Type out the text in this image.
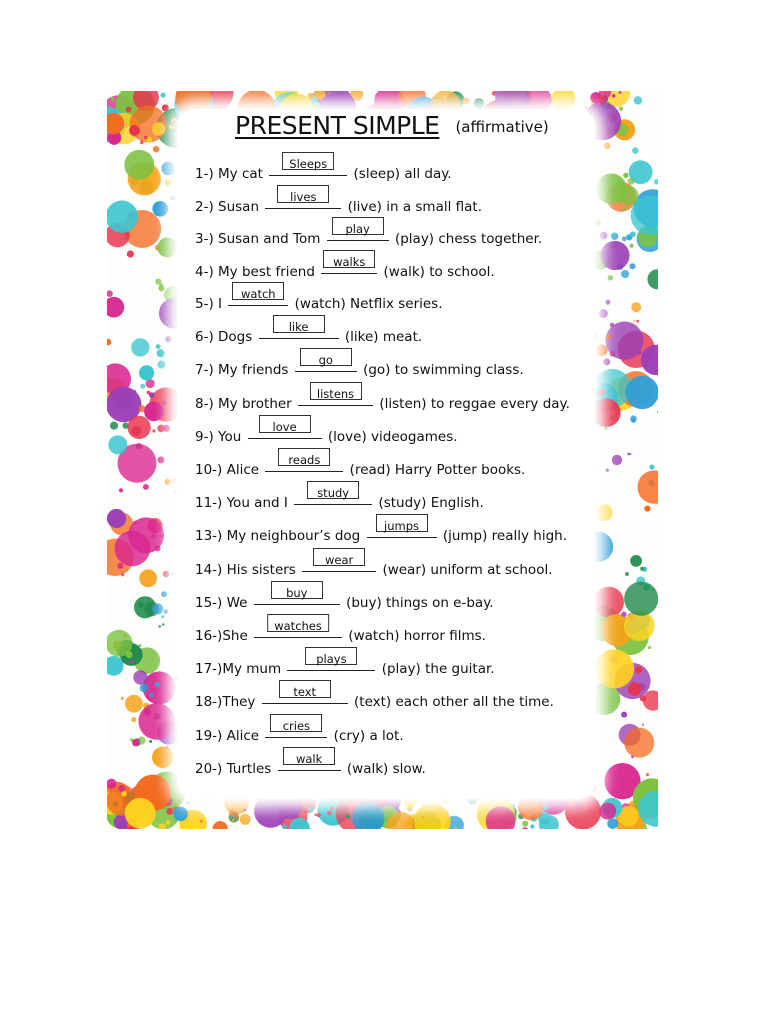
PRESENT SIMPLE (affirmative)
1-) My cat
Sleeps
(sleep) all day.
2-) Susan
lives
(live) in a small flat.
3-) Susan and Tom
play
(play) chess together.
4-) My best friend
walks
(walk) to school.
5-) I
watch
(watch) Netflix series.
6-) Dogs
like
(like) meat.
7-) My friends
go
(go) to swimming class.
8-) My brother
listens
(listen) to reggae every day.
9-) You
love
(love) videogames.
10-) Alice
reads
(read) Harry Potter books.
11-) You and I
study
(study) English.
13-) My neighbour’s dog
jumps
(jump) really high.
14-) His sisters
wear
(wear) uniform at school.
15-) We
buy
(buy) things on e-bay.
16-)She
watches
(watch) horror films.
17-)My mum
plays
(play) the guitar.
18-)They
text
(text) each other all the time.
19-) Alice
cries
(cry) a lot.
20-) Turtles
walk
(walk) slow.
